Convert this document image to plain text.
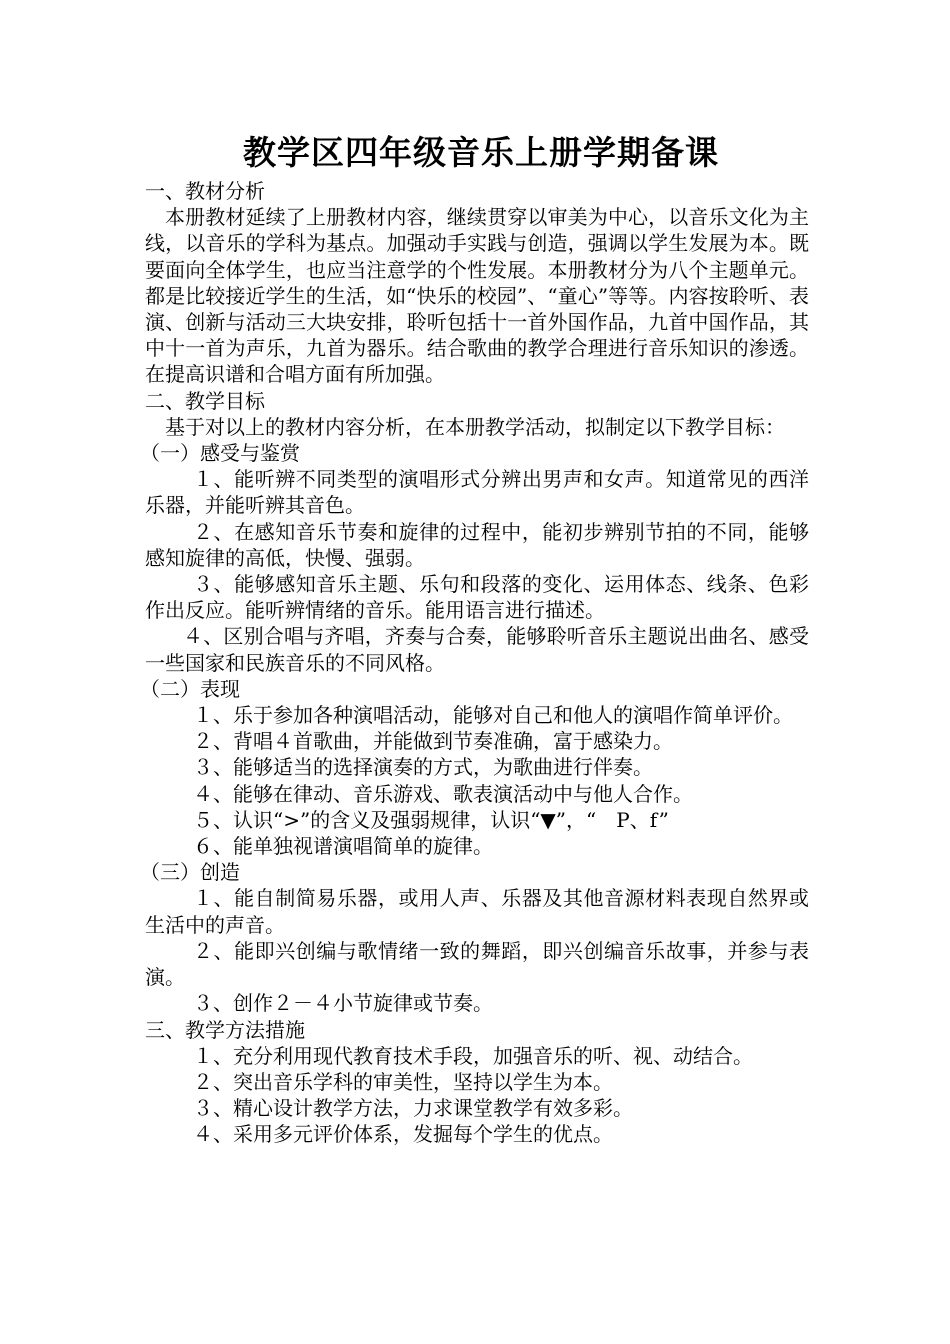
教学区四年级音乐上册学期备课

一、教材分析

本册教材延续了上册教材内容，继续贯穿以审美为中心，以音乐文化为主线，以音乐的学科为基点。加强动手实践与创造，强调以学生发展为本。既要面向全体学生，也应当注意学的个性发展。本册教材分为八个主题单元。都是比较接近学生的生活，如“快乐的校园”、“童心”等等。内容按聆听、表演、创新与活动三大块安排，聆听包括十一首外国作品，九首中国作品，其中十一首为声乐，九首为器乐。结合歌曲的教学合理进行音乐知识的渗透。在提高识谱和合唱方面有所加强。

二、教学目标

基于对以上的教材内容分析，在本册教学活动，拟制定以下教学目标：

（一）感受与鉴赏

１、能听辨不同类型的演唱形式分辨出男声和女声。知道常见的西洋乐器，并能听辨其音色。

２、在感知音乐节奏和旋律的过程中，能初步辨别节拍的不同，能够感知旋律的高低，快慢、强弱。

３、能够感知音乐主题、乐句和段落的变化、运用体态、线条、色彩作出反应。能听辨情绪的音乐。能用语言进行描述。

４、区别合唱与齐唱，齐奏与合奏，能够聆听音乐主题说出曲名、感受一些国家和民族音乐的不同风格。

（二）表现

１、乐于参加各种演唱活动，能够对自己和他人的演唱作简单评价。

２、背唱４首歌曲，并能做到节奏准确，富于感染力。

３、能够适当的选择演奏的方式，为歌曲进行伴奏。

４、能够在律动、音乐游戏、歌表演活动中与他人合作。

５、认识“>”的含义及强弱规律，认识“▼”，“　P、f”

６、能单独视谱演唱简单的旋律。

（三）创造

１、能自制简易乐器，或用人声、乐器及其他音源材料表现自然界或生活中的声音。

２、能即兴创编与歌情绪一致的舞蹈，即兴创编音乐故事，并参与表演。

３、创作２－４小节旋律或节奏。

三、教学方法措施

１、充分利用现代教育技术手段，加强音乐的听、视、动结合。

２、突出音乐学科的审美性，坚持以学生为本。

３、精心设计教学方法，力求课堂教学有效多彩。

４、采用多元评价体系，发掘每个学生的优点。
